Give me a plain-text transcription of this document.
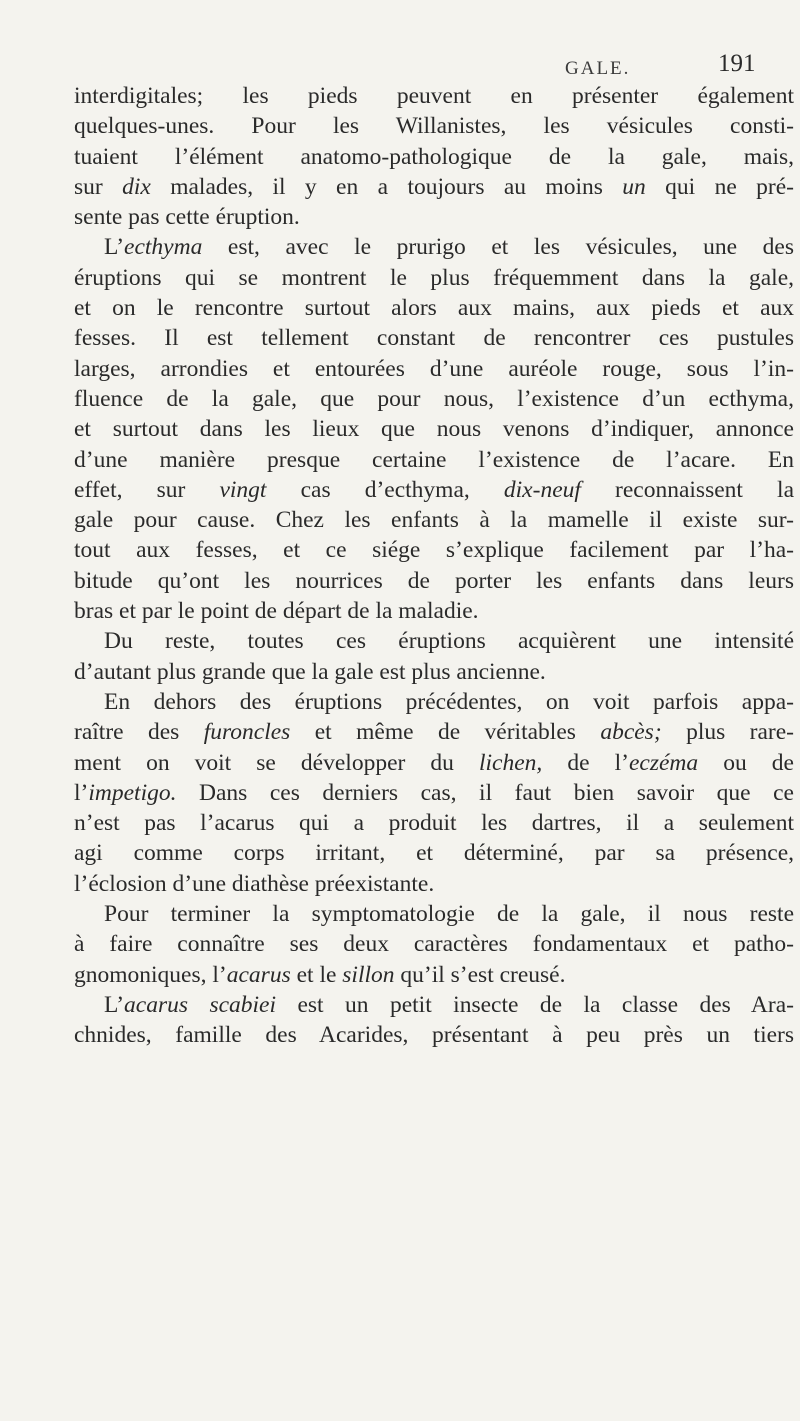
GALE.	191
interdigitales; les pieds peuvent en présenter également
quelques-unes. Pour les Willanistes, les vésicules consti-
tuaient l’élément anatomo-pathologique de la gale, mais,
sur dix malades, il y en a toujours au moins un qui ne pré-
sente pas cette éruption.
L’ecthyma est, avec le prurigo et les vésicules, une des
éruptions qui se montrent le plus fréquemment dans la gale,
et on le rencontre surtout alors aux mains, aux pieds et aux
fesses. Il est tellement constant de rencontrer ces pustules
larges, arrondies et entourées d’une auréole rouge, sous l’in-
fluence de la gale, que pour nous, l’existence d’un ecthyma,
et surtout dans les lieux que nous venons d’indiquer, annonce
d’une manière presque certaine l’existence de l’acare. En
effet, sur vingt cas d’ecthyma, dix-neuf reconnaissent la
gale pour cause. Chez les enfants à la mamelle il existe sur-
tout aux fesses, et ce siége s’explique facilement par l’ha-
bitude qu’ont les nourrices de porter les enfants dans leurs
bras et par le point de départ de la maladie.
Du reste, toutes ces éruptions acquièrent une intensité
d’autant plus grande que la gale est plus ancienne.
En dehors des éruptions précédentes, on voit parfois appa-
raître des furoncles et même de véritables abcès; plus rare-
ment on voit se développer du lichen, de l’eczéma ou de
l’impetigo. Dans ces derniers cas, il faut bien savoir que ce
n’est pas l’acarus qui a produit les dartres, il a seulement
agi comme corps irritant, et déterminé, par sa présence,
l’éclosion d’une diathèse préexistante.
Pour terminer la symptomatologie de la gale, il nous reste
à faire connaître ses deux caractères fondamentaux et patho-
gnomoniques, l’acarus et le sillon qu’il s’est creusé.
L’acarus scabiei est un petit insecte de la classe des Ara-
chnides, famille des Acarides, présentant à peu près un tiers
